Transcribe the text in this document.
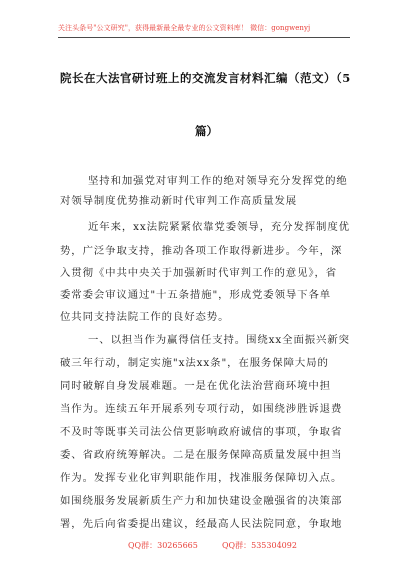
关注头条号"公文研究"，获得最新最全最专业的公文资料库！ 微信：gongwenyj
院长在大法官研讨班上的交流发言材料汇编（范文）（5
篇）
坚持和加强党对审判工作的绝对领导充分发挥党的绝
对领导制度优势推动新时代审判工作高质量发展
近年来，xx法院紧紧依靠党委领导，充分发挥制度优
势，广泛争取支持，推动各项工作取得新进步。今年，深
入贯彻《中共中央关于加强新时代审判工作的意见》，省
委常委会审议通过"十五条措施"，形成党委领导下各单
位共同支持法院工作的良好态势。
一、以担当作为赢得信任支持。围绕xx全面振兴新突
破三年行动，制定实施"x法xx条"，在服务保障大局的
同时破解自身发展难题。一是在优化法治营商环境中担
当作为。连续五年开展系列专项行动，如围绕涉胜诉退费
不及时等既事关司法公信更影响政府诚信的事项，争取省
委、省政府统筹解决。二是在服务保障高质量发展中担当
作为。发挥专业化审判职能作用，找准服务保障切入点。
如围绕服务发展新质生产力和加快建设金融强省的决策部
署，先后向省委提出建议，经最高人民法院同意，争取地
QQ群：30265665	QQ群：535304092
